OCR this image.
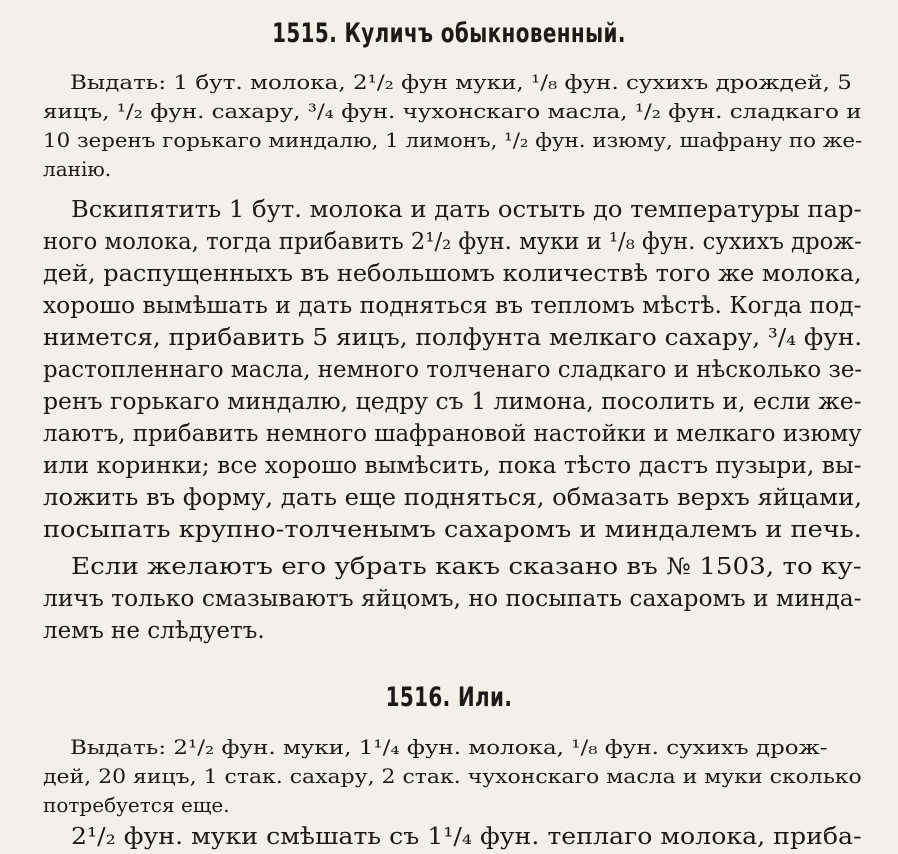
1515. Куличъ обыкновенный.
Выдать: 1 бут. молока, 2¹/₂ фун муки, ¹/₈ фун. сухихъ дрождей, 5
яицъ, ¹/₂ фун. сахару, ³/₄ фун. чухонскаго масла, ¹/₂ фун. сладкаго и
10 зеренъ горькаго миндалю, 1 лимонъ, ¹/₂ фун. изюму, шафрану по же-
ланію.
Вскипятить 1 бут. молока и дать остыть до температуры пар-
ного молока, тогда прибавить 2¹/₂ фун. муки и ¹/₈ фун. сухихъ дрож-
дей, распущенныхъ въ небольшомъ количествѣ того же молока,
хорошо вымѣшать и дать подняться въ тепломъ мѣстѣ. Когда под-
нимется, прибавить 5 яицъ, полфунта мелкаго сахару, ³/₄ фун.
растопленнаго масла, немного толченаго сладкаго и нѣсколько зе-
ренъ горькаго миндалю, цедру съ 1 лимона, посолить и, если же-
лаютъ, прибавить немного шафрановой настойки и мелкаго изюму
или коринки; все хорошо вымѣсить, пока тѣсто дастъ пузыри, вы-
ложить въ форму, дать еще подняться, обмазать верхъ яйцами,
посыпать крупно-толченымъ сахаромъ и миндалемъ и печь.
Если желаютъ его убрать какъ сказано въ № 1503, то ку-
личъ только смазываютъ яйцомъ, но посыпать сахаромъ и минда-
лемъ не слѣдуетъ.
1516. Или.
Выдать: 2¹/₂ фун. муки, 1¹/₄ фун. молока, ¹/₈ фун. сухихъ дрож-
дей, 20 яицъ, 1 стак. сахару, 2 стак. чухонскаго масла и муки сколько
потребуется еще.
2¹/₂ фун. муки смѣшать съ 1¹/₄ фун. теплаго молока, приба-
